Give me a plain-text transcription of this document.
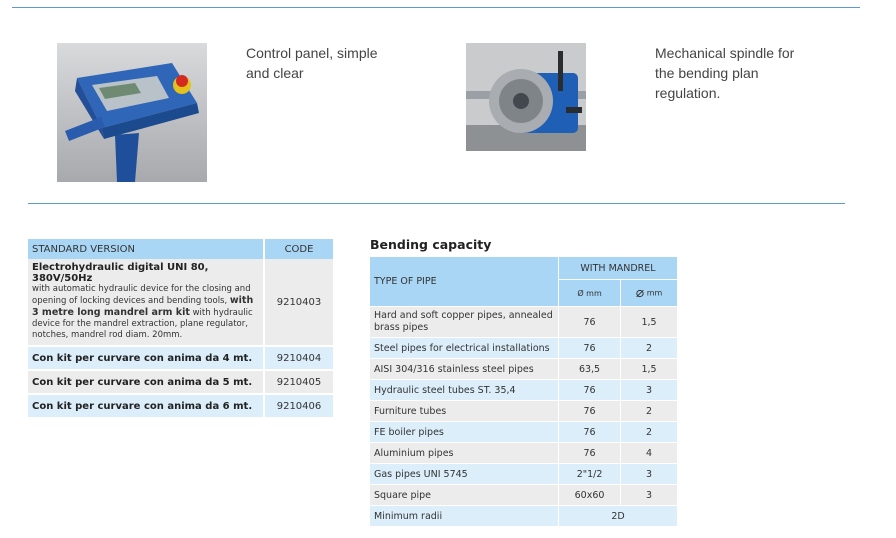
Control panel, simple and clear
Mechanical spindle for the bending plan regulation.
STANDARD VERSION	CODE

Electrohydraulic digital UNI 80, 380V/50Hz
with automatic hydraulic device for the closing and opening of locking devices and bending tools, with 3 metre long mandrel arm kit with hydraulic device for the mandrel extraction, plane regulator, notches, mandrel rod diam. 20mm.	9210403
Con kit per curvare con anima da 4 mt.	9210404
Con kit per curvare con anima da 5 mt.	9210405
Con kit per curvare con anima da 6 mt.	9210406
Bending capacity
TYPE OF PIPE	WITH MANDREL	
	Ø mm	⌀ mm
Hard and soft copper pipes, annealed brass pipes	76	1,5
Steel pipes for electrical installations	76	2
AISI 304/316 stainless steel pipes	63,5	1,5
Hydraulic steel tubes ST. 35,4	76	3
Furniture tubes	76	2
FE boiler pipes	76	2
Aluminium pipes	76	4
Gas pipes UNI 5745	2"1/2	3
Square pipe	60x60	3
Minimum radii	2D	
